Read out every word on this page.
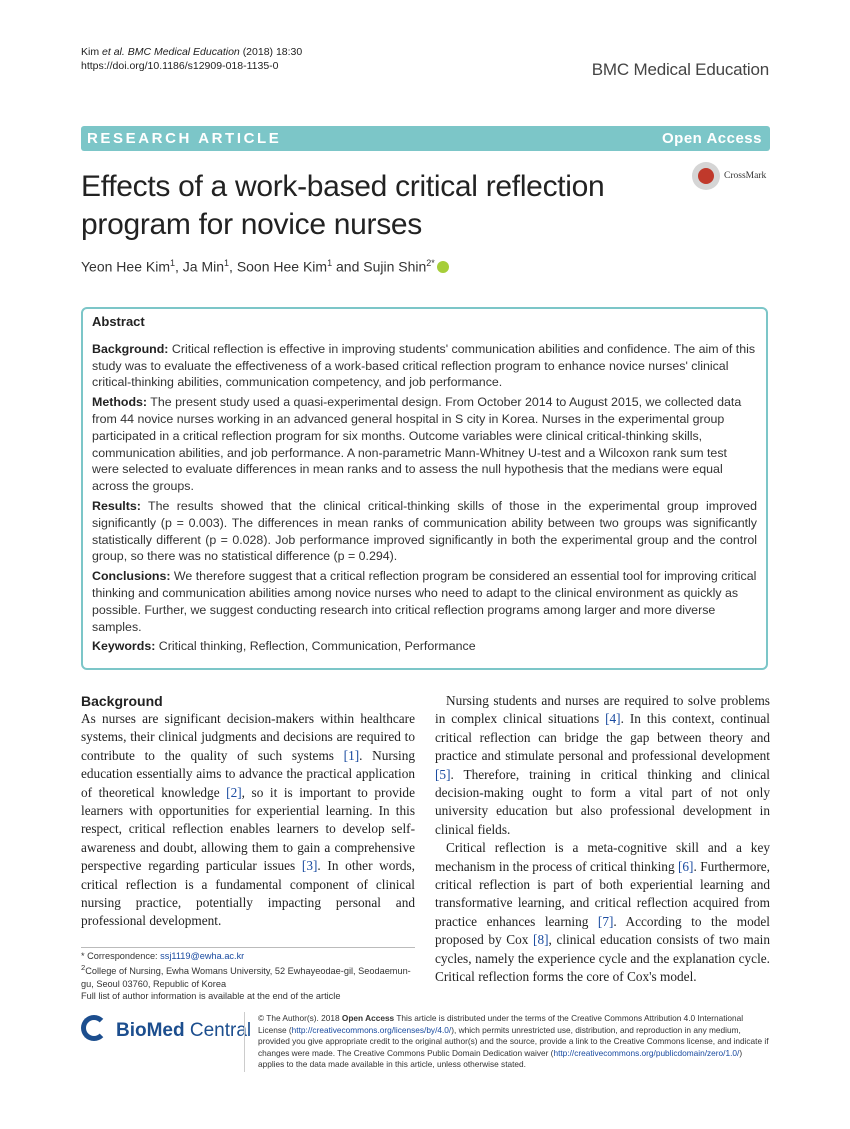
Kim et al. BMC Medical Education (2018) 18:30
https://doi.org/10.1186/s12909-018-1135-0	BMC Medical Education
RESEARCH ARTICLE	Open Access
Effects of a work-based critical reflection program for novice nurses
CrossMark
Yeon Hee Kim$^1$, Ja Min$^1$, Soon Hee Kim$^1$ and Sujin Shin$^{2*}$
Abstract

Background: Critical reflection is effective in improving students' communication abilities and confidence. The aim of this study was to evaluate the effectiveness of a work-based critical reflection program to enhance novice nurses' clinical critical-thinking abilities, communication competency, and job performance.

Methods: The present study used a quasi-experimental design. From October 2014 to August 2015, we collected data from 44 novice nurses working in an advanced general hospital in S city in Korea. Nurses in the experimental group participated in a critical reflection program for six months. Outcome variables were clinical critical-thinking skills, communication abilities, and job performance. A non-parametric Mann-Whitney U-test and a Wilcoxon rank sum test were selected to evaluate differences in mean ranks and to assess the null hypothesis that the medians were equal across the groups.

Results: The results showed that the clinical critical-thinking skills of those in the experimental group improved significantly (p = 0.003). The differences in mean ranks of communication ability between two groups was significantly statistically different (p = 0.028). Job performance improved significantly in both the experimental group and the control group, so there was no statistical difference (p = 0.294).

Conclusions: We therefore suggest that a critical reflection program be considered an essential tool for improving critical thinking and communication abilities among novice nurses who need to adapt to the clinical environment as quickly as possible. Further, we suggest conducting research into critical reflection programs among larger and more diverse samples.

Keywords: Critical thinking, Reflection, Communication, Performance

Background

As nurses are significant decision-makers within healthcare systems, their clinical judgments and decisions are required to contribute to the quality of such systems [1]. Nursing education essentially aims to advance the practical application of theoretical knowledge [2], so it is important to provide learners with opportunities for experiential learning. In this respect, critical reflection enables learners to develop self-awareness and doubt, allowing them to gain a comprehensive perspective regarding particular issues [3]. In other words, critical reflection is a fundamental component of clinical nursing practice, potentially impacting personal and professional development.

Nursing students and nurses are required to solve problems in complex clinical situations [4]. In this context, continual critical reflection can bridge the gap between theory and practice and stimulate personal and professional development [5]. Therefore, training in critical thinking and clinical decision-making ought to form a vital part of not only university education but also professional development in clinical fields.

Critical reflection is a meta-cognitive skill and a key mechanism in the process of critical thinking [6]. Furthermore, critical reflection is part of both experiential learning and transformative learning, and critical reflection acquired from practice enhances learning [7]. According to the model proposed by Cox [8], clinical education consists of two main cycles, namely the experience cycle and the explanation cycle. Critical reflection forms the core of Cox's model.

* Correspondence: ssj1119@ewha.ac.kr
$^2$College of Nursing, Ewha Womans University, 52 Ewhayeodae-gil, Seodaemun-gu, Seoul 03760, Republic of Korea
Full list of author information is available at the end of the article
BioMed Central
© The Author(s). 2018 Open Access This article is distributed under the terms of the Creative Commons Attribution 4.0 International License (http://creativecommons.org/licenses/by/4.0/), which permits unrestricted use, distribution, and reproduction in any medium, provided you give appropriate credit to the original author(s) and the source, provide a link to the Creative Commons license, and indicate if changes were made. The Creative Commons Public Domain Dedication waiver (http://creativecommons.org/publicdomain/zero/1.0/) applies to the data made available in this article, unless otherwise stated.
